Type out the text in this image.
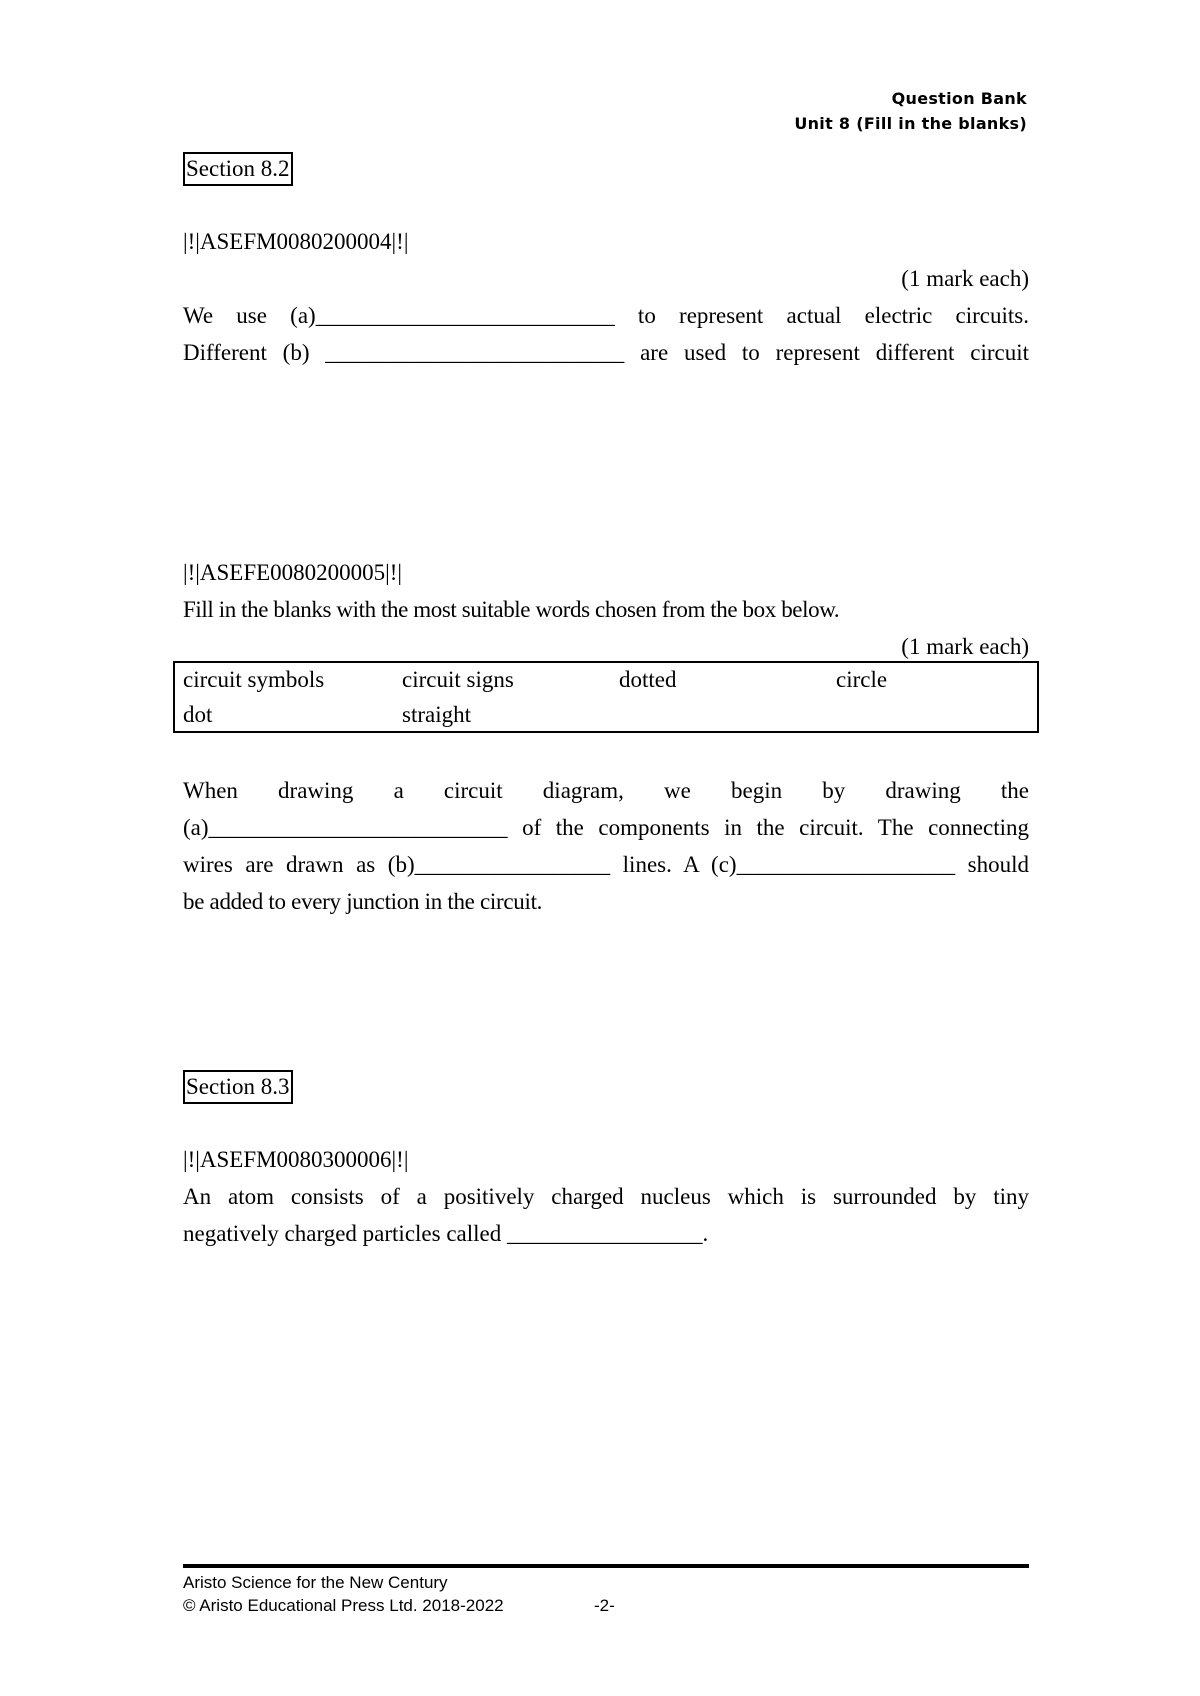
Question Bank
Unit 8 (Fill in the blanks)
Section 8.2
|!|ASEFM0080200004|!|
(1 mark each)
We use (a)__________________________ to represent actual electric circuits.
Different (b) __________________________ are used to represent different circuit
|!|ASEFE0080200005|!|
Fill in the blanks with the most suitable words chosen from the box below.
(1 mark each)
circuit symbols	circuit signs	dotted	circle
dot	straight
When drawing a circuit diagram, we begin by drawing the
(a)__________________________ of the components in the circuit. The connecting
wires are drawn as (b)_________________ lines. A (c)___________________ should
be added to every junction in the circuit.
Section 8.3
|!|ASEFM0080300006|!|
An atom consists of a positively charged nucleus which is surrounded by tiny
negatively charged particles called _________________.
Aristo Science for the New Century
© Aristo Educational Press Ltd. 2018-2022	-2-
